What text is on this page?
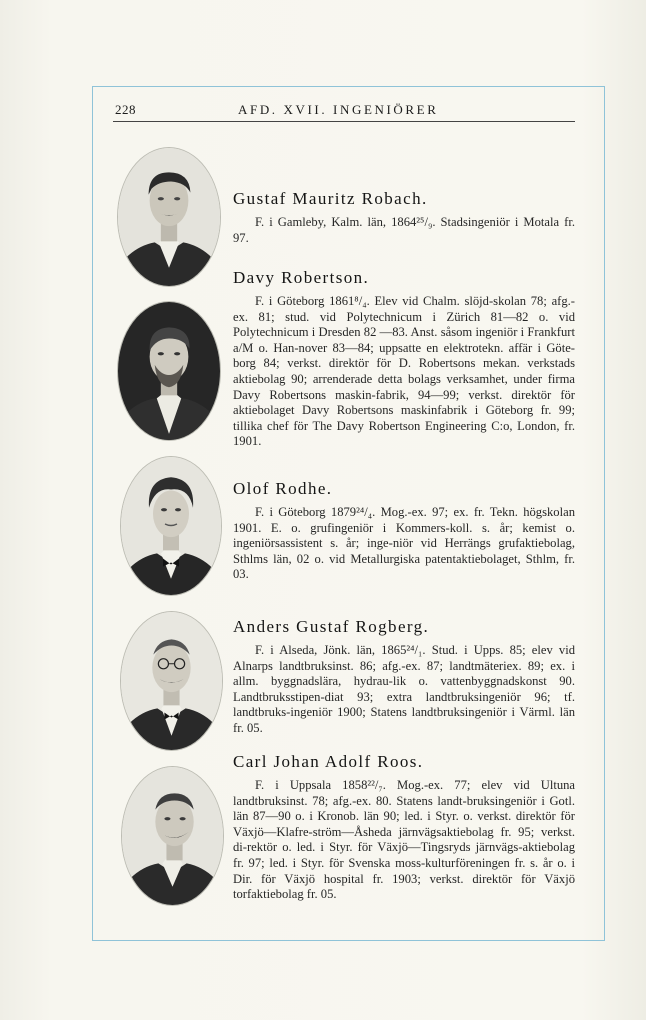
228	AFD. XVII. INGENIÖRER
Gustaf Mauritz Robach.
F. i Gamleby, Kalm. län, 1864²⁵/₉. Stadsingeniör i Motala fr. 97.
Davy Robertson.
F. i Göteborg 1861⁸/₄. Elev vid Chalm. slöjd-skolan 78; afg.-ex. 81; stud. vid Polytechnicum i Zürich 81—82 o. vid Polytechnicum i Dresden 82 —83. Anst. såsom ingeniör i Frankfurt a/M o. Han-nover 83—84; uppsatte en elektrotekn. affär i Göte-borg 84; verkst. direktör för D. Robertsons mekan. verkstads aktiebolag 90; arrenderade detta bolags verksamhet, under firma Davy Robertsons maskin-fabrik, 94—99; verkst. direktör för aktiebolaget Davy Robertsons maskinfabrik i Göteborg fr. 99; tillika chef för The Davy Robertson Engineering C:o, London, fr. 1901.
Olof Rodhe.
F. i Göteborg 1879²⁴/₄. Mog.-ex. 97; ex. fr. Tekn. högskolan 1901. E. o. grufingeniör i Kommers-koll. s. år; kemist o. ingeniörsassistent s. år; inge-niör vid Herrängs grufaktiebolag, Sthlms län, 02 o. vid Metallurgiska patentaktiebolaget, Sthlm, fr. 03.
Anders Gustaf Rogberg.
F. i Alseda, Jönk. län, 1865²⁴/₁. Stud. i Upps. 85; elev vid Alnarps landtbruksinst. 86; afg.-ex. 87; landtmäteriex. 89; ex. i allm. byggnadslära, hydrau-lik o. vattenbyggnadskonst 90. Landtbruksstipen-diat 93; extra landtbruksingeniör 96; tf. landtbruks-ingeniör 1900; Statens landtbruksingeniör i Värml. län fr. 05.
Carl Johan Adolf Roos.
F. i Uppsala 1858²²/₇. Mog.-ex. 77; elev vid Ultuna landtbruksinst. 78; afg.-ex. 80. Statens landt-bruksingeniör i Gotl. län 87—90 o. i Kronob. län 90; led. i Styr. o. verkst. direktör för Växjö—Klafre-ström—Åsheda järnvägsaktiebolag fr. 95; verkst. di-rektör o. led. i Styr. för Växjö—Tingsryds järnvägs-aktiebolag fr. 97; led. i Styr. för Svenska moss-kulturföreningen fr. s. år o. i Dir. för Växjö hospital fr. 1903; verkst. direktör för Växjö torfaktiebolag fr. 05.
